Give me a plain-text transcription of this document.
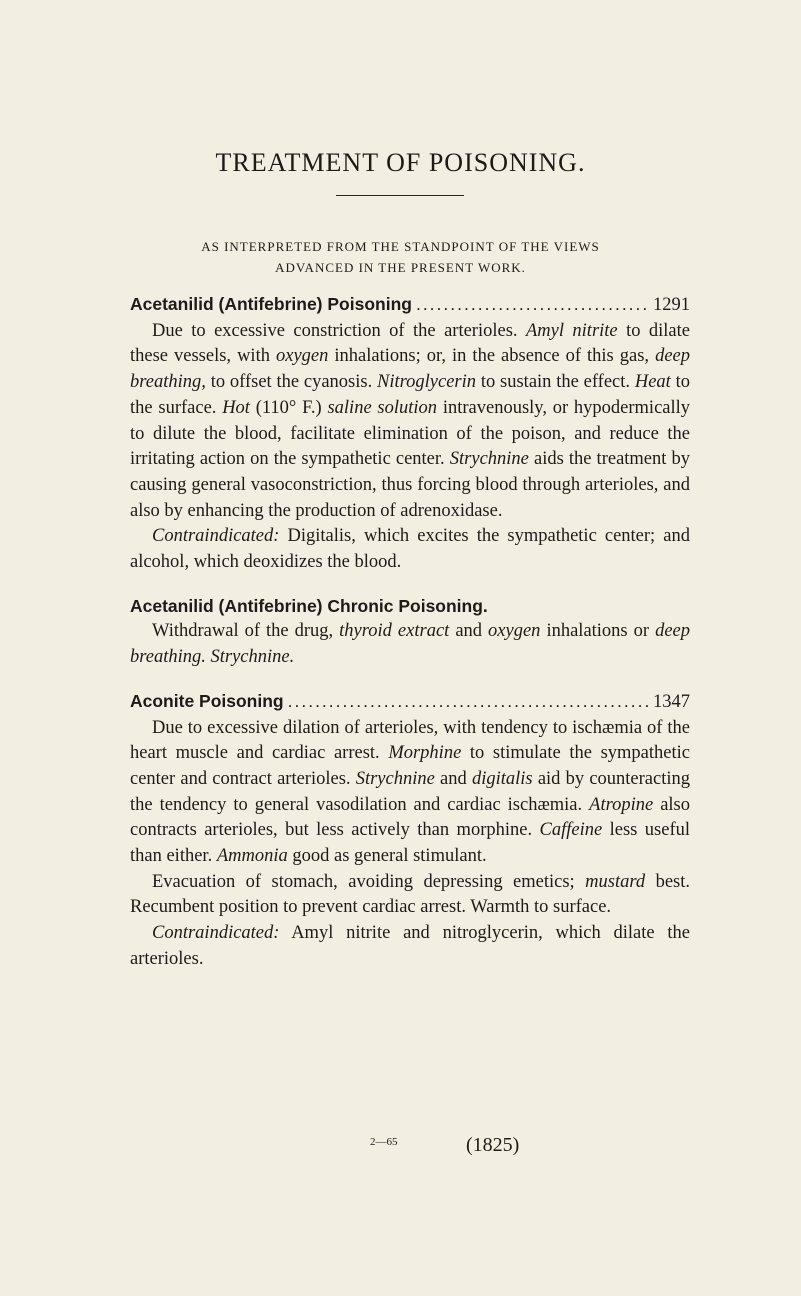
TREATMENT OF POISONING.
AS INTERPRETED FROM THE STANDPOINT OF THE VIEWS
ADVANCED IN THE PRESENT WORK.
Acetanilid (Antifebrine) Poisoning .....	1291

Due to excessive constriction of the arterioles. Amyl nitrite to dilate these vessels, with oxygen inhalations; or, in the absence of this gas, deep breathing, to offset the cyanosis. Nitroglycerin to sustain the effect. Heat to the surface. Hot (110° F.) saline solution intravenously, or hypodermically to dilute the blood, facilitate elimination of the poison, and reduce the irritating action on the sympathetic center. Strychnine aids the treatment by causing general vasoconstriction, thus forcing blood through arterioles, and also by enhancing the production of adrenoxidase.

Contraindicated: Digitalis, which excites the sympathetic center; and alcohol, which deoxidizes the blood.

Acetanilid (Antifebrine) Chronic Poisoning.

Withdrawal of the drug, thyroid extract and oxygen inhalations or deep breathing. Strychnine.

Aconite Poisoning .....	1347

Due to excessive dilation of arterioles, with tendency to ischæmia of the heart muscle and cardiac arrest. Morphine to stimulate the sympathetic center and contract arterioles. Strychnine and digitalis aid by counteracting the tendency to general vasodilation and cardiac ischæmia. Atropine also contracts arterioles, but less actively than morphine. Caffeine less useful than either. Ammonia good as general stimulant.

Evacuation of stomach, avoiding depressing emetics; mustard best. Recumbent position to prevent cardiac arrest. Warmth to surface.

Contraindicated: Amyl nitrite and nitroglycerin, which dilate the arterioles.

2—65	(1825)
